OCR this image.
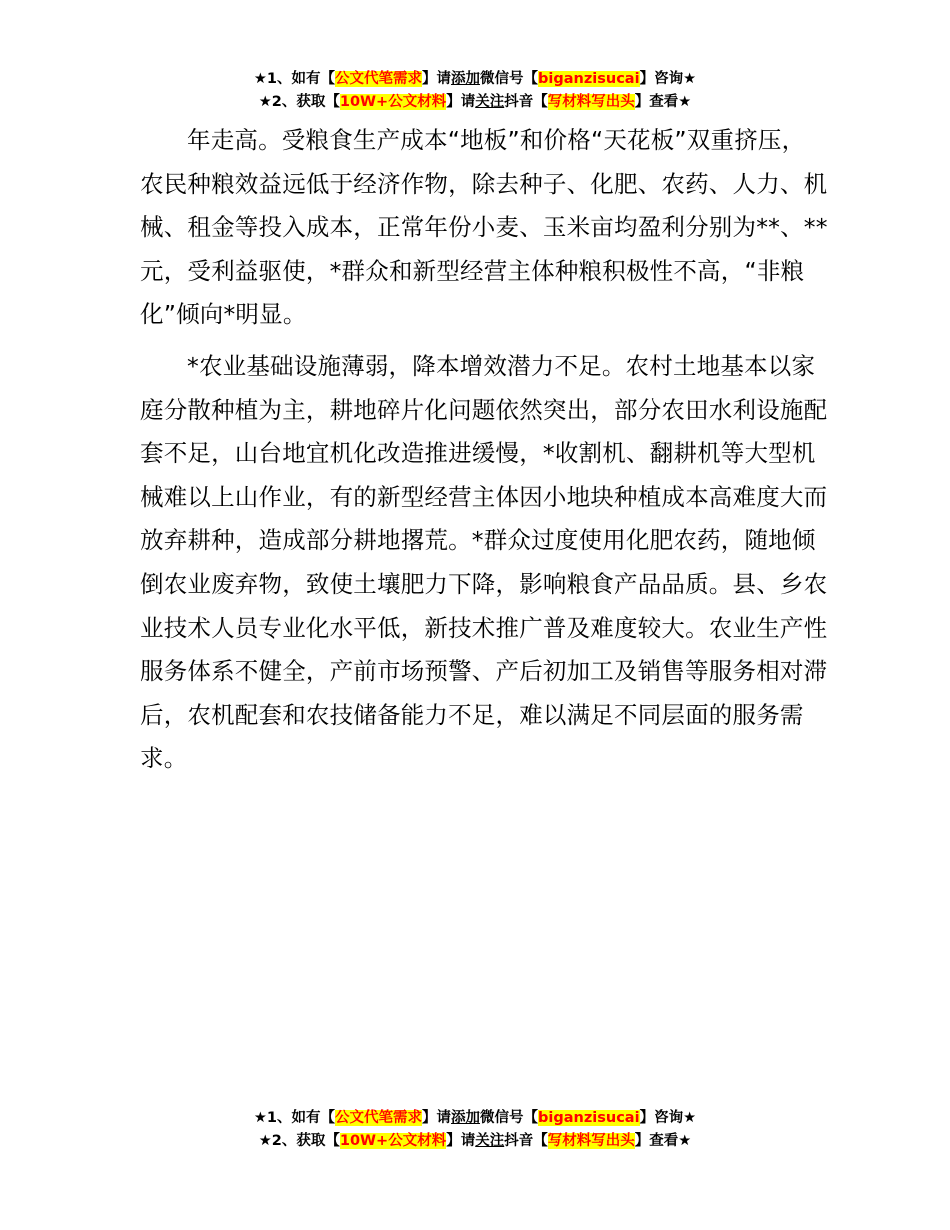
★1、如有【公文代笔需求】请添加微信号【biganzisucai】咨询★
★2、获取【10W+公文材料】请关注抖音【写材料写出头】查看★

年走高。受粮食生产成本“地板”和价格“天花板”双重挤压，农民种粮效益远低于经济作物，除去种子、化肥、农药、人力、机械、租金等投入成本，正常年份小麦、玉米亩均盈利分别为**、**元，受利益驱使，*群众和新型经营主体种粮积极性不高，“非粮化”倾向*明显。

*农业基础设施薄弱，降本增效潜力不足。农村土地基本以家庭分散种植为主，耕地碎片化问题依然突出，部分农田水利设施配套不足，山台地宜机化改造推进缓慢，*收割机、翻耕机等大型机械难以上山作业，有的新型经营主体因小地块种植成本高难度大而放弃耕种，造成部分耕地撂荒。*群众过度使用化肥农药，随地倾倒农业废弃物，致使土壤肥力下降，影响粮食产品品质。县、乡农业技术人员专业化水平低，新技术推广普及难度较大。农业生产性服务体系不健全，产前市场预警、产后初加工及销售等服务相对滞后，农机配套和农技储备能力不足，难以满足不同层面的服务需求。

★1、如有【公文代笔需求】请添加微信号【biganzisucai】咨询★
★2、获取【10W+公文材料】请关注抖音【写材料写出头】查看★
